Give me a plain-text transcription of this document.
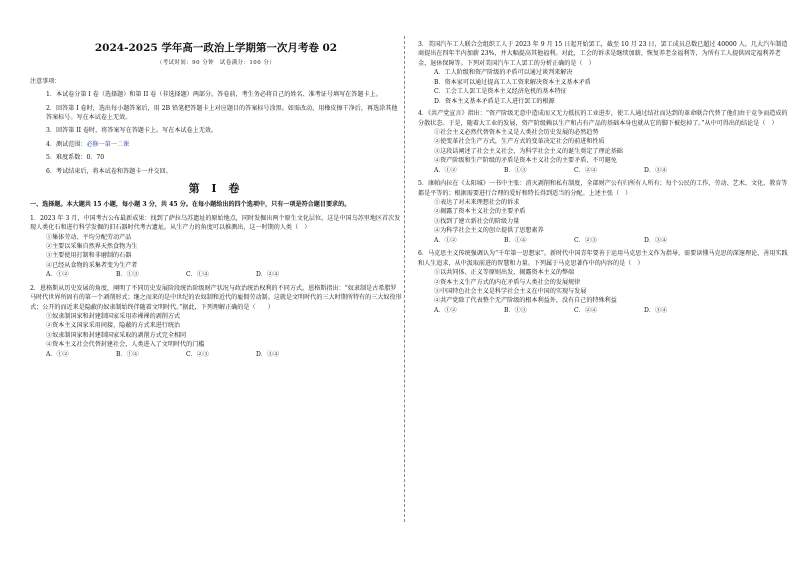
2024-2025 学年高一政治上学期第一次月考卷 02
（考试时间：90 分钟　试卷满分：100 分）
注意事项：
1．本试卷分第 I 卷（选择题）和第 II 卷（非选择题）两部分。答卷前，考生务必将自己的姓名、准考证号填写在答题卡上。
2．回答第 I 卷时，选出每小题答案后，用 2B 铅笔把答题卡上对应题目的答案标号涂黑。如需改动，用橡皮擦干净后，再选涂其他答案标号。写在本试卷上无效。
3．回答第 II 卷时，将答案写在答题卡上。写在本试卷上无效。
4．测试范围：必修一第一二课
5．难度系数：0．70
6．考试结束后，将本试卷和答题卡一并交回。
第 I 卷
一、选择题。本大题共 15 小题，每小题 3 分，共 45 分。在每小题给出的四个选项中，只有一项是符合题目要求的。

1．2023 年 3 月，中国考古公布最新成果：找到了萨拉乌苏遗址的原始地点，同时发掘出两个原生文化层位。这是中国乌苏里地区首次发现人类化石和进行科学发掘的旧石器时代考古遗址。从生产力的角度可以推测出，这一时期的人类（　）

①集体劳动、平均分配劳动产品

②主要以采集自然界天然食物为生

③主要使用打制和非磨制的石器

④已经从食物的采集者变为生产者

A．①②	B．①③	C．①④	D．②④

2．恩格斯从历史发展的角度，阐明了不同历史发展阶段统治阶级财产状况与政治统治权利的不同方式。恩格斯指出：“奴隶制是古希腊罗马时代世界所固有的第一个剥削形式；继之而来的是中世纪的农奴制和近代的雇佣劳动制。这就是文明时代的三大时期所特有的三大奴役形式；公开的而近来是隐蔽的奴隶制始终伴随着文明时代。”据此，下列理解正确的是（　　）

①奴隶制国家和封建制国家采用赤裸裸的剥削方式

②资本主义国家采用间接、隐蔽的方式来进行统治

③奴隶制国家和封建制国家采取的剥削方式完全相同

④资本主义社会代替封建社会，人类进入了文明时代的门槛

A．①②	B．①④	C．②③	D．③④

3．美国汽车工人联合会组织工人于 2023 年 9 月 15 日起开始罢工，截至 10 月 23 日，罢工成员总数已超过 40000 人。几大汽车制造商提出在四年半内加薪 23%，并大幅提高其他福利。对此，工会的诉求是继续加薪、恢复养老金福利等，为所有工人提供固定福利养老金、退休保障等。下列对美国汽车工人罢工的分析正确的是（　）

A．工人阶级和资产阶级的矛盾可以通过谈判来解决

B．资本家可以通过提高工人工资来解决资本主义基本矛盾

C．工会工人罢工是资本主义经济危机的基本特征

D．资本主义基本矛盾是工人进行罢工的根源

4．《共产党宣言》指出：“资产阶级无意中造成而又无力抵抗的工业进步，使工人通过结社而达到的革命联合代替了他们由于竞争而造成的分散状态。于是，随着大工业的发展，资产阶级赖以生产和占有产品的基础本身也就从它的脚下被挖掉了。”从中可得出的结论是（　）

①社会主义必然代替资本主义是人类社会历史发展的必然趋势

②使变革社会生产方式，生产方式的变革决定社会的前进和性质

③这段话阐述了社会主义社会，为科学社会主义的诞生奠定了理论基础

④资产阶级和生产阶级的矛盾是资本主义社会的主要矛盾，不可避免

A．①②	B．①③	C．②④	D．③④

5．康帕内拉在《太阳城》一书中主张：消灭剥削和私有制度，全部财产公有归所有人所有；每个公民的工作、劳动、艺术、文化、教育等都是平等的；根据需要进行合理的爱好和特长得到适当的分配。上述主张（　）

①表达了对未来理想社会的诉求

②揭露了资本主义社会的主要矛盾

③找到了建立新社会的阶级力量

④为科学社会主义的创立提供了思想素养

A．①②	B．①④	C．②③	D．③④

6．马克思主义传统强调认为“千年第一思想家”。新时代中国青年要善于运用马克思主义作为指导，需要读懂马克思的深邃理论、善用实践和人生追求，从中汲取前进的智慧和力量。下列属于马克思著作中的内容的是（　）

①以共同体、正义等原则出发，揭露资本主义的弊端

②资本主义生产方式的内在矛盾与人类社会的发展规律

③中国特色社会主义是科学社会主义在中国的实现与发展

④共产党除了代表整个无产阶级的根本利益外，没有自己的特殊利益

A．①②	B．①③	C．②④	D．③④
